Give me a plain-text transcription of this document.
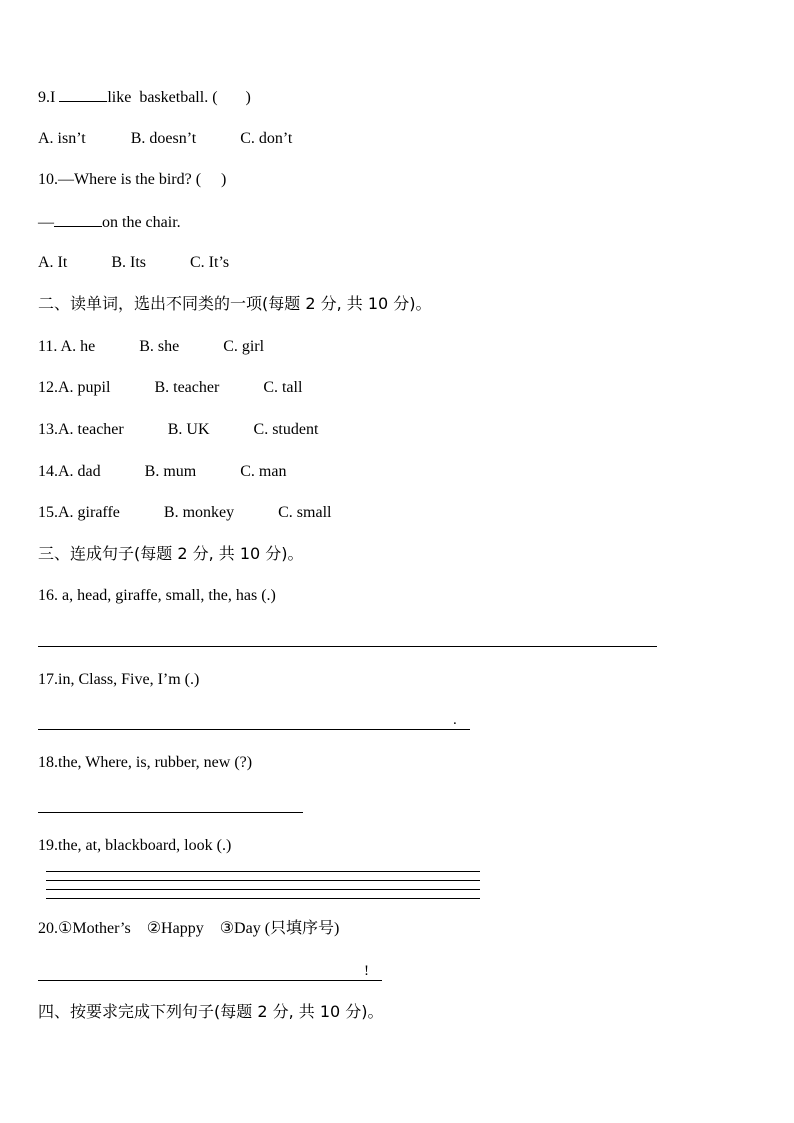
9.I	like  basketball. (       )
A. isn’t	B. doesn’t	C. don’t
10.—Where is the bird? (     )
—	on the chair.
A. It	B. Its	C. It’s
二、读单词，选出不同类的一项(每题 2 分, 共 10 分)。
11. A. he	B. she	C. girl
12.A. pupil	B. teacher	C. tall
13.A. teacher	B. UK	C. student
14.A. dad	B. mum	C. man
15.A. giraffe	B. monkey	C. small
三、连成句子(每题 2 分, 共 10 分)。
16. a, head, giraffe, small, the, has (.)
17.in, Class, Five, I’m (.)
.
18.the, Where, is, rubber, new (?)
19.the, at, blackboard, look (.)
20.①Mother’s    ②Happy    ③Day (只填序号)
!
四、按要求完成下列句子(每题 2 分, 共 10 分)。
